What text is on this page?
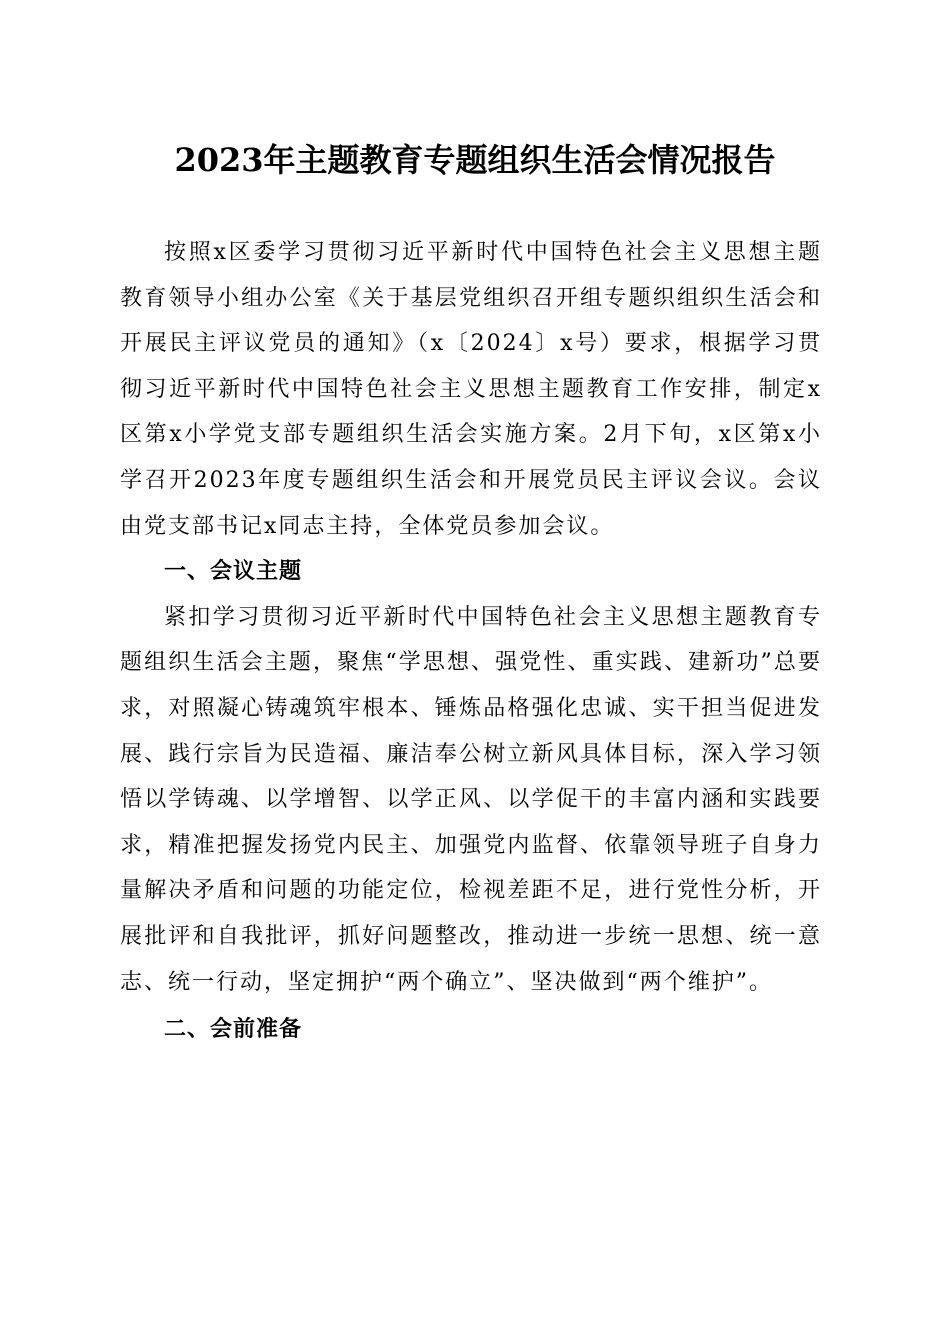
2023年主题教育专题组织生活会情况报告

按照x区委学习贯彻习近平新时代中国特色社会主义思想主题教育领导小组办公室《关于基层党组织召开组专题织组织生活会和开展民主评议党员的通知》（x〔2024〕x号）要求，根据学习贯彻习近平新时代中国特色社会主义思想主题教育工作安排，制定x区第x小学党支部专题组织生活会实施方案。2月下旬，x区第x小学召开2023年度专题组织生活会和开展党员民主评议会议。会议由党支部书记x同志主持，全体党员参加会议。

一、会议主题

紧扣学习贯彻习近平新时代中国特色社会主义思想主题教育专题组织生活会主题，聚焦“学思想、强党性、重实践、建新功”总要求，对照凝心铸魂筑牢根本、锤炼品格强化忠诚、实干担当促进发展、践行宗旨为民造福、廉洁奉公树立新风具体目标，深入学习领悟以学铸魂、以学增智、以学正风、以学促干的丰富内涵和实践要求，精准把握发扬党内民主、加强党内监督、依靠领导班子自身力量解决矛盾和问题的功能定位，检视差距不足，进行党性分析，开展批评和自我批评，抓好问题整改，推动进一步统一思想、统一意志、统一行动，坚定拥护“两个确立”、坚决做到“两个维护”。

二、会前准备
